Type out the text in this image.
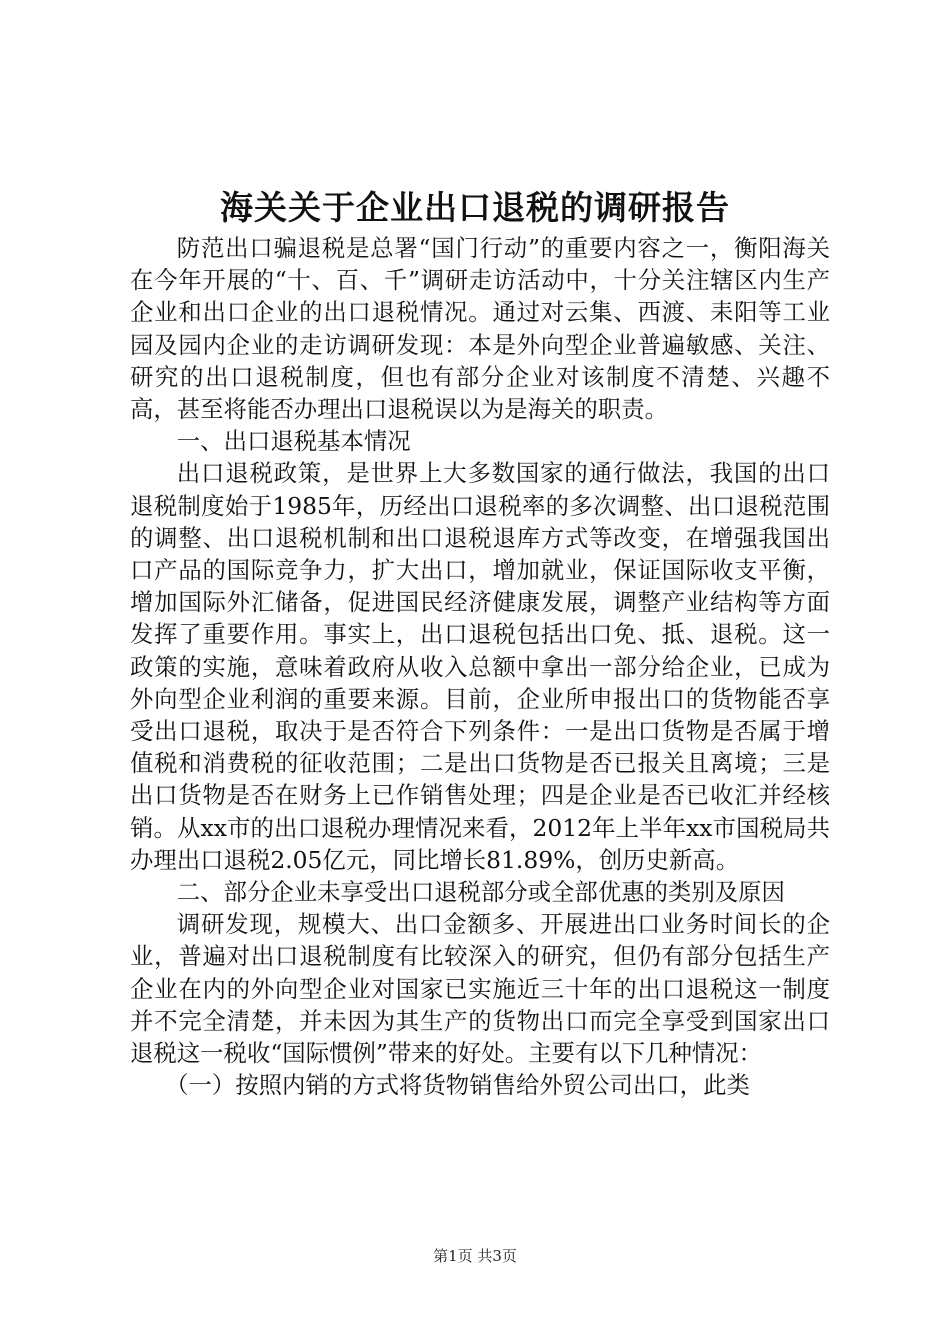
海关关于企业出口退税的调研报告

防范出口骗退税是总署“国门行动”的重要内容之一，衡阳海关在今年开展的“十、百、千”调研走访活动中，十分关注辖区内生产企业和出口企业的出口退税情况。通过对云集、西渡、耒阳等工业园及园内企业的走访调研发现：本是外向型企业普遍敏感、关注、研究的出口退税制度，但也有部分企业对该制度不清楚、兴趣不高，甚至将能否办理出口退税误以为是海关的职责。

一、出口退税基本情况

出口退税政策，是世界上大多数国家的通行做法，我国的出口退税制度始于1985年，历经出口退税率的多次调整、出口退税范围的调整、出口退税机制和出口退税退库方式等改变，在增强我国出口产品的国际竞争力，扩大出口，增加就业，保证国际收支平衡，增加国际外汇储备，促进国民经济健康发展，调整产业结构等方面发挥了重要作用。事实上，出口退税包括出口免、抵、退税。这一政策的实施，意味着政府从收入总额中拿出一部分给企业，已成为外向型企业利润的重要来源。目前，企业所申报出口的货物能否享受出口退税，取决于是否符合下列条件：一是出口货物是否属于增值税和消费税的征收范围；二是出口货物是否已报关且离境；三是出口货物是否在财务上已作销售处理；四是企业是否已收汇并经核销。从xx市的出口退税办理情况来看，2012年上半年xx市国税局共办理出口退税2.05亿元，同比增长81.89%，创历史新高。

二、部分企业未享受出口退税部分或全部优惠的类别及原因

调研发现，规模大、出口金额多、开展进出口业务时间长的企业，普遍对出口退税制度有比较深入的研究，但仍有部分包括生产企业在内的外向型企业对国家已实施近三十年的出口退税这一制度并不完全清楚，并未因为其生产的货物出口而完全享受到国家出口退税这一税收“国际惯例”带来的好处。主要有以下几种情况：

（一）按照内销的方式将货物销售给外贸公司出口，此类

第1页 共3页
